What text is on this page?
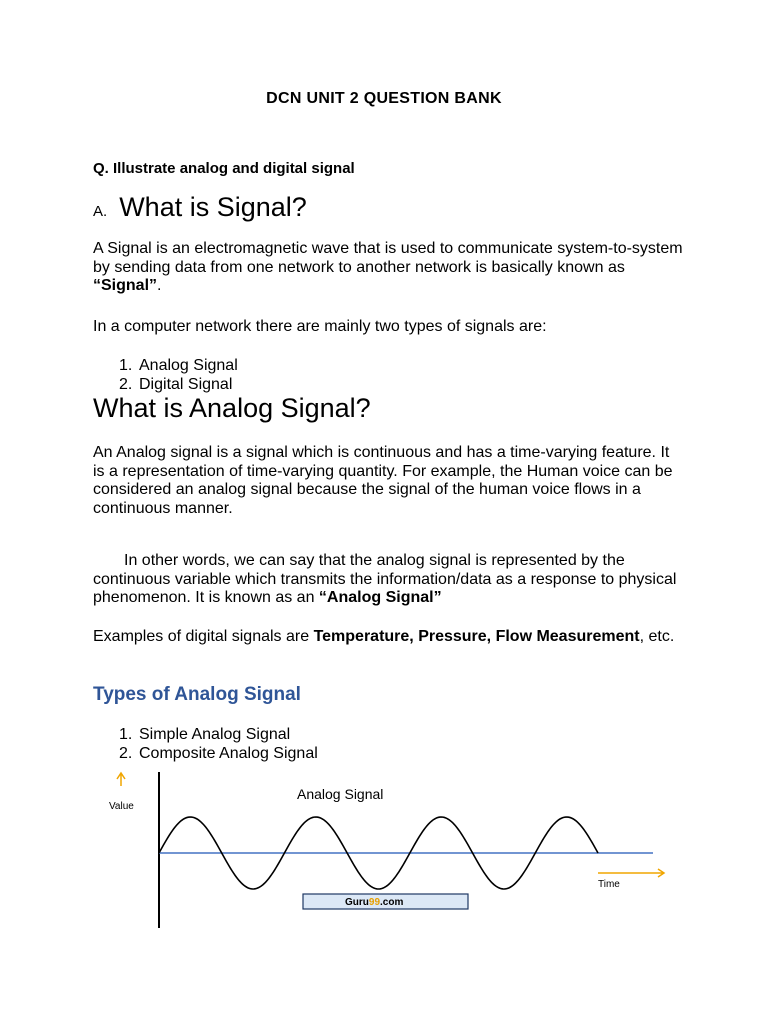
DCN UNIT 2 QUESTION BANK
Q. Illustrate analog and digital signal
A. What is Signal?

A Signal is an electromagnetic wave that is used to communicate system-to-system by sending data from one network to another network is basically known as “Signal”.

In a computer network there are mainly two types of signals are:

1. Analog Signal
2. Digital Signal
What is Analog Signal?

An Analog signal is a signal which is continuous and has a time-varying feature. It is a representation of time-varying quantity. For example, the Human voice can be considered an analog signal because the signal of the human voice flows in a continuous manner.

In other words, we can say that the analog signal is represented by the continuous variable which transmits the information/data as a response to physical phenomenon. It is known as an “Analog Signal”

Examples of digital signals are Temperature, Pressure, Flow Measurement, etc.

Types of Analog Signal
1. Simple Analog Signal
2. Composite Analog Signal
Value
Analog Signal
Time
Guru99.com
